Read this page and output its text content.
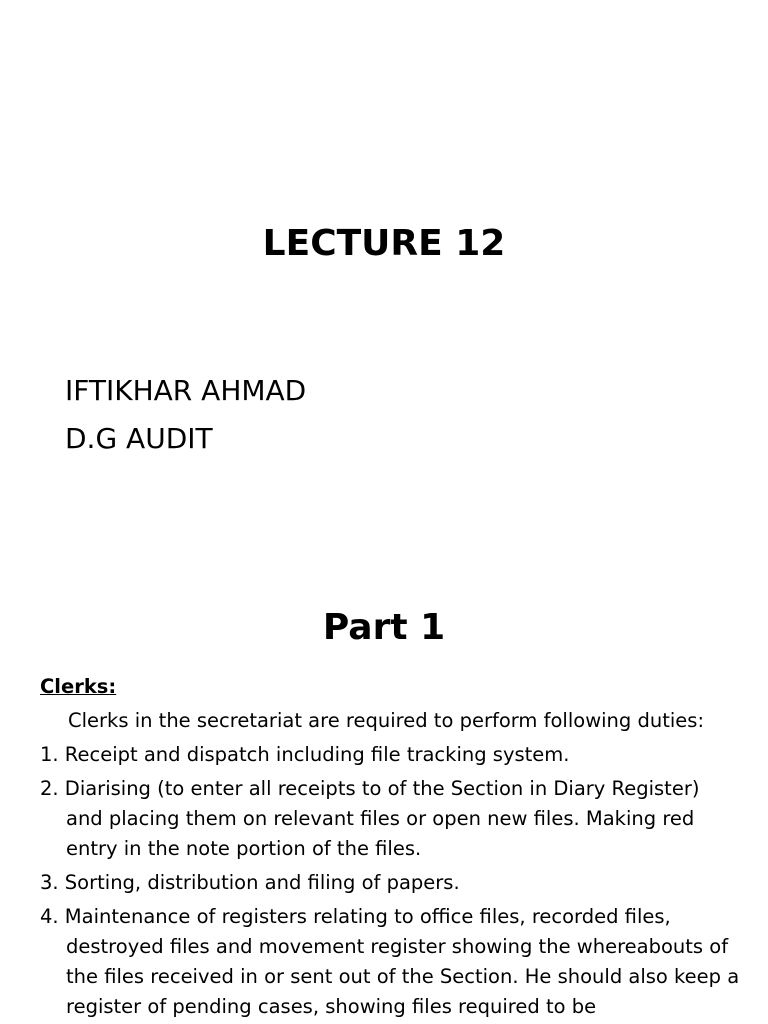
LECTURE 12

IFTIKHAR AHMAD

D.G AUDIT

Part 1

Clerks:

Clerks in the secretariat are required to perform following duties:

1. Receipt and dispatch including file tracking system.

2. Diarising (to enter all receipts to of the Section in Diary Register) and placing them on relevant files or open new files. Making red entry in the note portion of the files.

3. Sorting, distribution and filing of papers.

4. Maintenance of registers relating to office files, recorded files, destroyed files and movement register showing the whereabouts of the files received in or sent out of the Section. He should also keep a register of pending cases, showing files required to be
